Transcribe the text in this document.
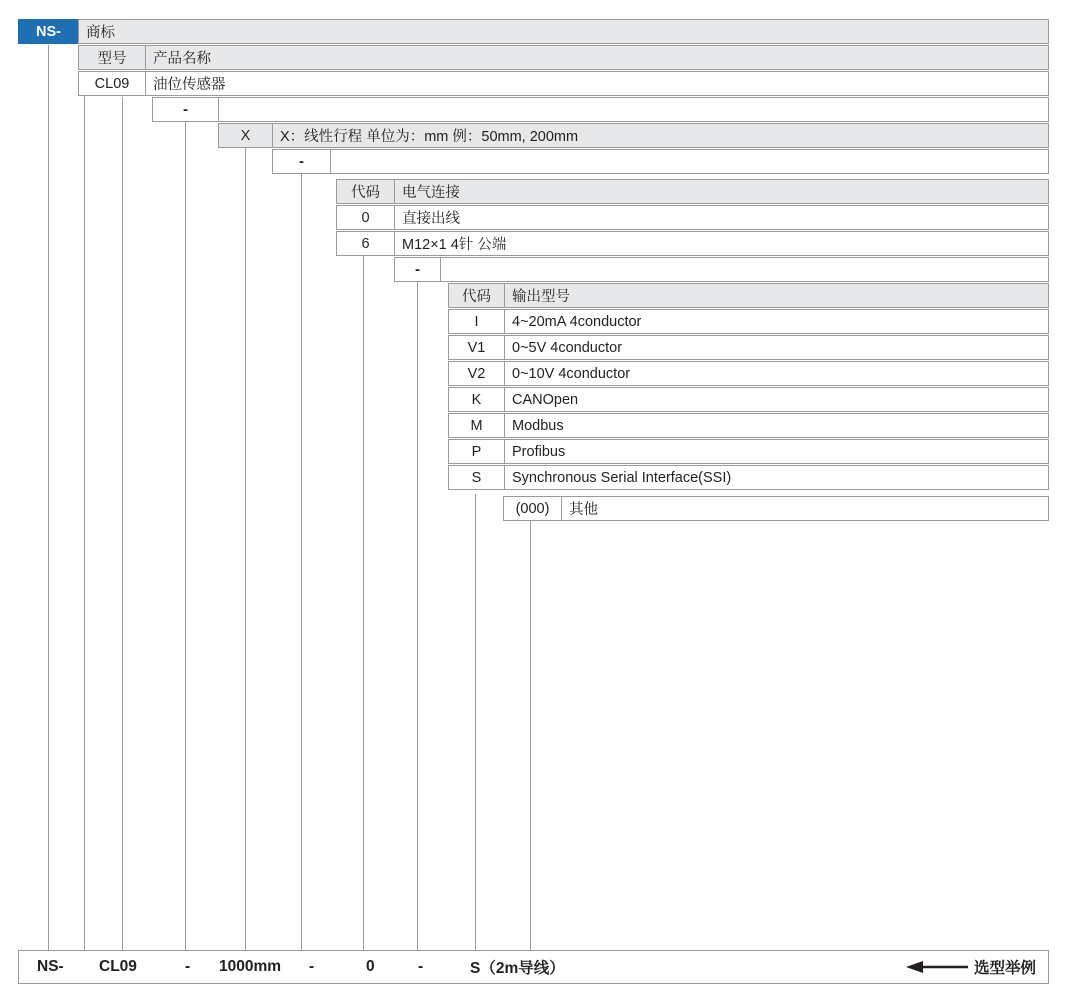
NS-	商标
型号	产品名称
CL09	油位传感器
-
X	X：线性行程 单位为：mm 例：50mm, 200mm
-
代码	电气连接
0	直接出线
6	M12×1 4针 公端
-
代码	输出型号
I	4~20mA 4conductor
V1	0~5V 4conductor
V2	0~10V 4conductor
K	CANOpen
M	Modbus
P	Profibus
S	Synchronous Serial Interface(SSI)
(000)	其他
NS- CL09	- 1000mm -	0	-	S（2m导线）	选型举例
